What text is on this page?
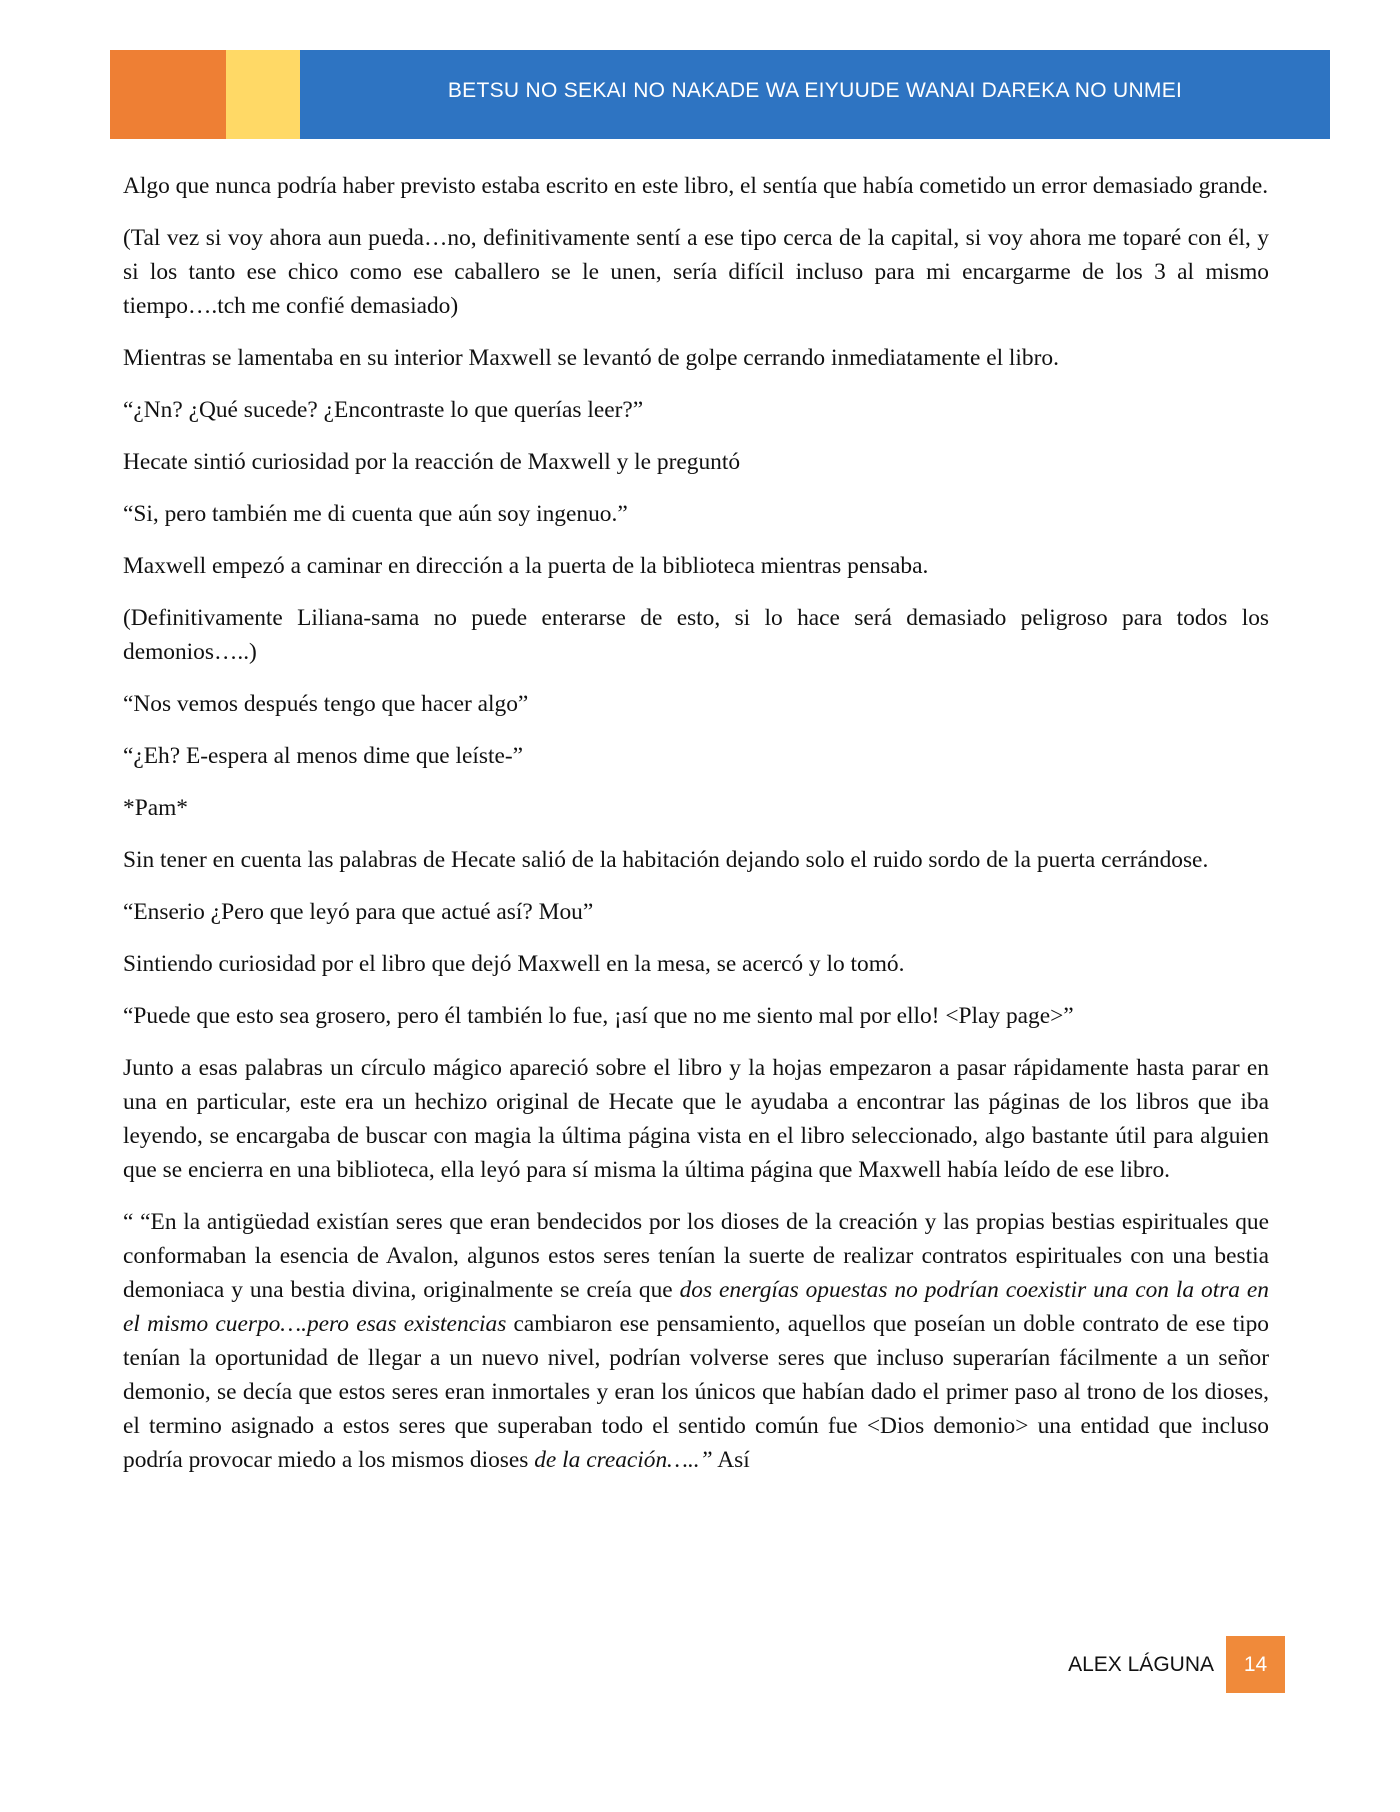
BETSU NO SEKAI NO NAKADE WA EIYUUDE WANAI DAREKA NO UNMEI

Algo que nunca podría haber previsto estaba escrito en este libro, el sentía que había cometido un error demasiado grande.

(Tal vez si voy ahora aun pueda…no, definitivamente sentí a ese tipo cerca de la capital, si voy ahora me toparé con él, y si los tanto ese chico como ese caballero se le unen, sería difícil incluso para mi encargarme de los 3 al mismo tiempo….tch me confié demasiado)

Mientras se lamentaba en su interior Maxwell se levantó de golpe cerrando inmediatamente el libro.

“¿Nn? ¿Qué sucede? ¿Encontraste lo que querías leer?”

Hecate sintió curiosidad por la reacción de Maxwell y le preguntó

“Si, pero también me di cuenta que aún soy ingenuo.”

Maxwell empezó a caminar en dirección a la puerta de la biblioteca mientras pensaba.

(Definitivamente Liliana-sama no puede enterarse de esto, si lo hace será demasiado peligroso para todos los demonios…..)

“Nos vemos después tengo que hacer algo”

“¿Eh? E-espera al menos dime que leíste-”

*Pam*

Sin tener en cuenta las palabras de Hecate salió de la habitación dejando solo el ruido sordo de la puerta cerrándose.

“Enserio ¿Pero que leyó para que actué así? Mou”

Sintiendo curiosidad por el libro que dejó Maxwell en la mesa, se acercó y lo tomó.

“Puede que esto sea grosero, pero él también lo fue, ¡así que no me siento mal por ello! <Play page>”

Junto a esas palabras un círculo mágico apareció sobre el libro y la hojas empezaron a pasar rápidamente hasta parar en una en particular, este era un hechizo original de Hecate que le ayudaba a encontrar las páginas de los libros que iba leyendo, se encargaba de buscar con magia la última página vista en el libro seleccionado, algo bastante útil para alguien que se encierra en una biblioteca, ella leyó para sí misma la última página que Maxwell había leído de ese libro.

“ “En la antigüedad existían seres que eran bendecidos por los dioses de la creación y las propias bestias espirituales que conformaban la esencia de Avalon, algunos estos seres tenían la suerte de realizar contratos espirituales con una bestia demoniaca y una bestia divina, originalmente se creía que dos energías opuestas no podrían coexistir una con la otra en el mismo cuerpo….pero esas existencias cambiaron ese pensamiento, aquellos que poseían un doble contrato de ese tipo tenían la oportunidad de llegar a un nuevo nivel, podrían volverse seres que incluso superarían fácilmente a un señor demonio, se decía que estos seres eran inmortales y eran los únicos que habían dado el primer paso al trono de los dioses, el termino asignado a estos seres que superaban todo el sentido común fue <Dios demonio> una entidad que incluso podría provocar miedo a los mismos dioses de la creación…..” Así

ALEX LÁGUNA	14
